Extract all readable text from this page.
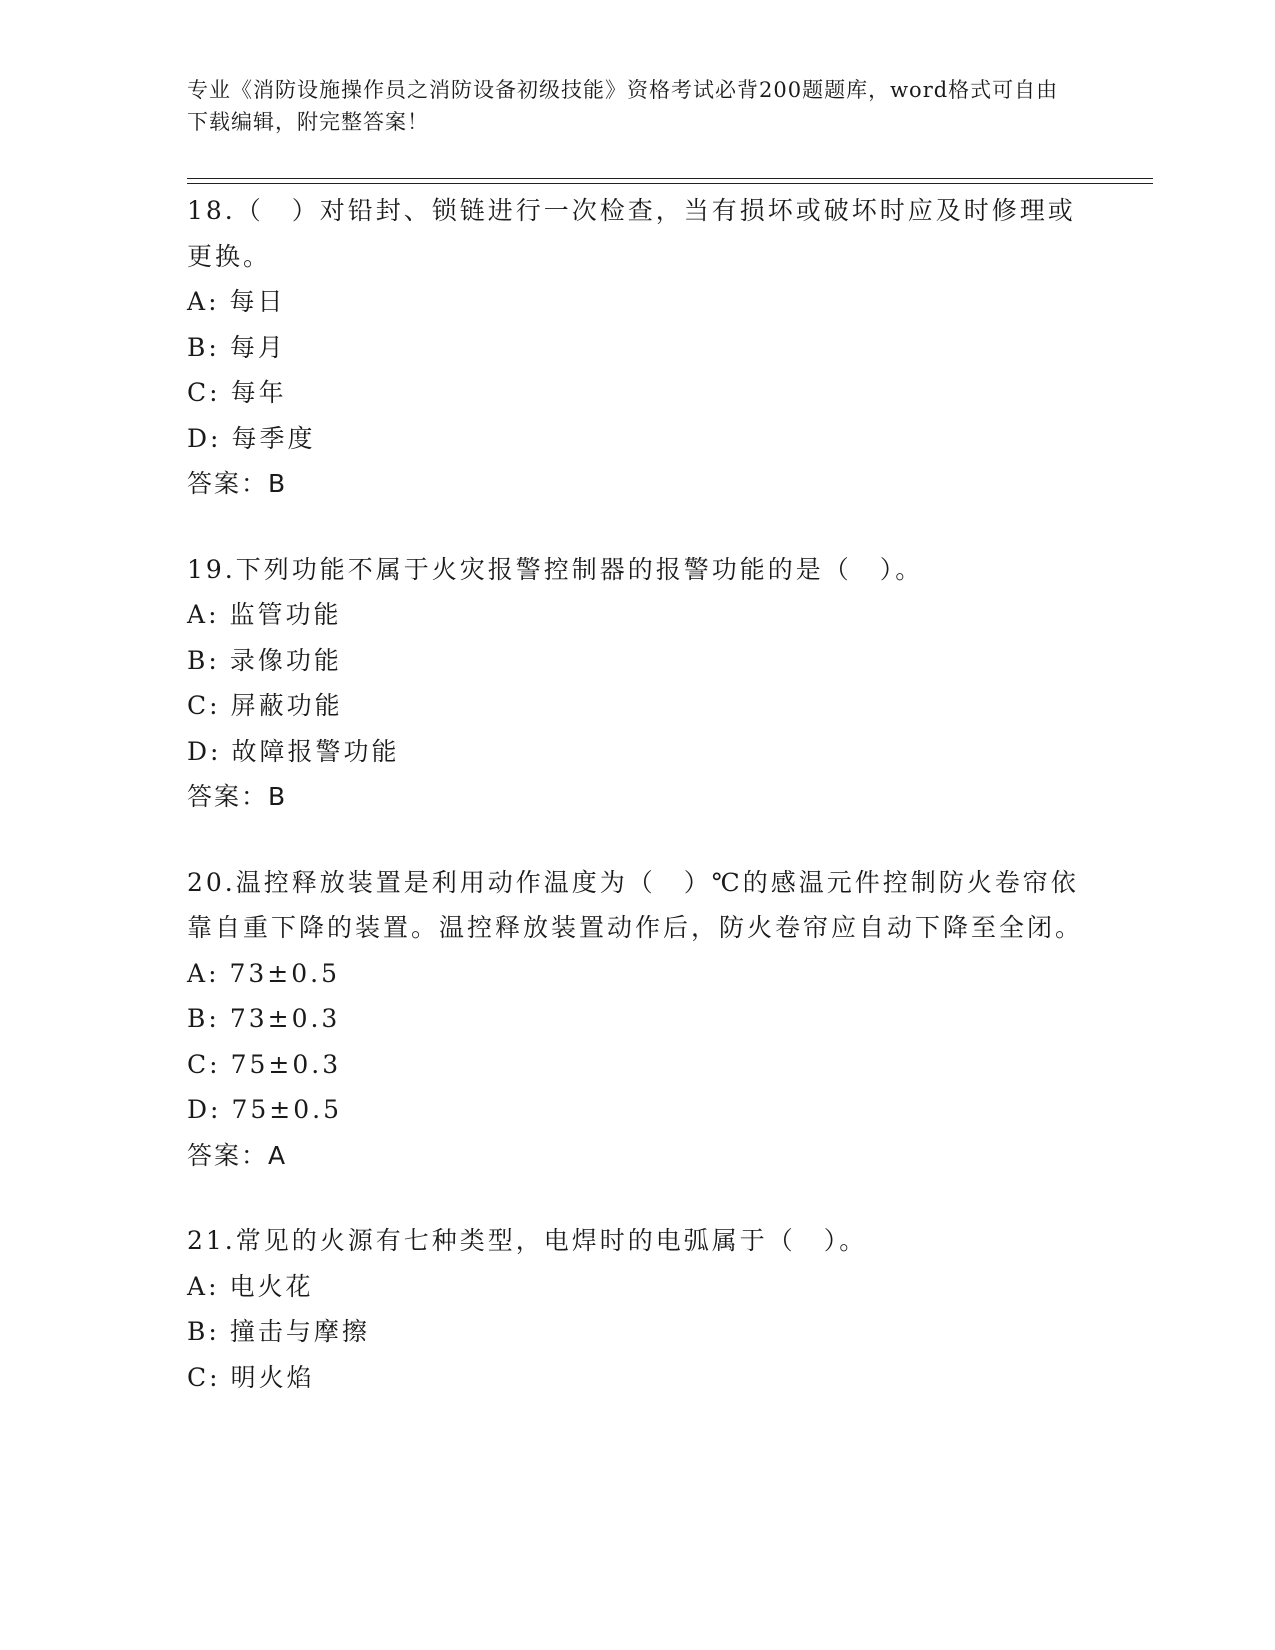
专业《消防设施操作员之消防设备初级技能》资格考试必背200题题库，word格式可自由下载编辑，附完整答案！
18.（　）对铅封、锁链进行一次检查，当有损坏或破坏时应及时修理或更换。
A: 每日
B: 每月
C: 每年
D: 每季度
答案：B
19.下列功能不属于火灾报警控制器的报警功能的是（　）。
A: 监管功能
B: 录像功能
C: 屏蔽功能
D: 故障报警功能
答案：B
20.温控释放装置是利用动作温度为（　）℃的感温元件控制防火卷帘依靠自重下降的装置。温控释放装置动作后，防火卷帘应自动下降至全闭。
A: 73±0.5
B: 73±0.3
C: 75±0.3
D: 75±0.5
答案：A
21.常见的火源有七种类型，电焊时的电弧属于（　）。
A: 电火花
B: 撞击与摩擦
C: 明火焰
